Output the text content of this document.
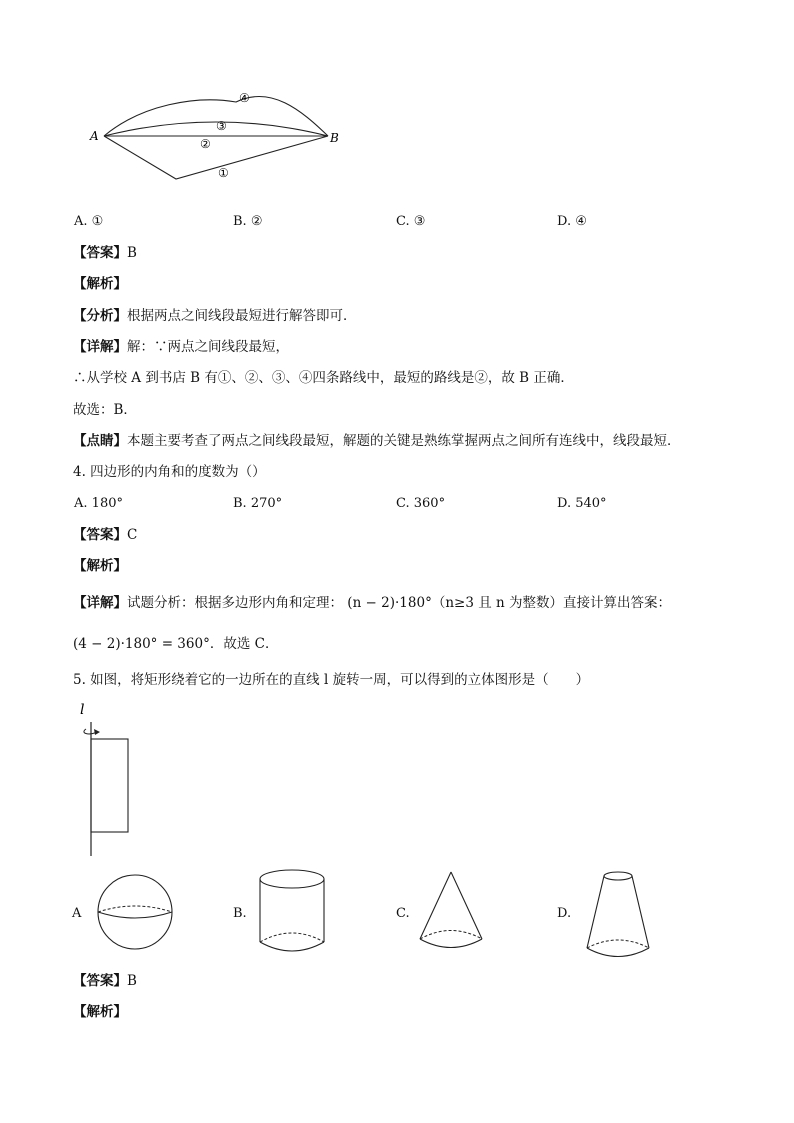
A	B
④
③
②
①
A. ①	B. ②	C. ③	D. ④
【答案】B
【解析】
【分析】根据两点之间线段最短进行解答即可．
【详解】解：∵两点之间线段最短，
∴从学校 A 到书店 B 有①、②、③、④四条路线中，最短的路线是②，故 B 正确．
故选：B．
【点睛】本题主要考查了两点之间线段最短，解题的关键是熟练掌握两点之间所有连线中，线段最短．
4. 四边形的内角和的度数为（）
A. 180°	B. 270°	C. 360°	D. 540°
【答案】C
【解析】
【详解】试题分析：根据多边形内角和定理： (n − 2)·180°（n≥3 且 n 为整数）直接计算出答案：
(4 − 2)·180° = 360°．故选 C．
5. 如图，将矩形绕着它的一边所在的直线 l 旋转一周，可以得到的立体图形是（　　）
l
A	B.	C.	D.
【答案】B
【解析】
